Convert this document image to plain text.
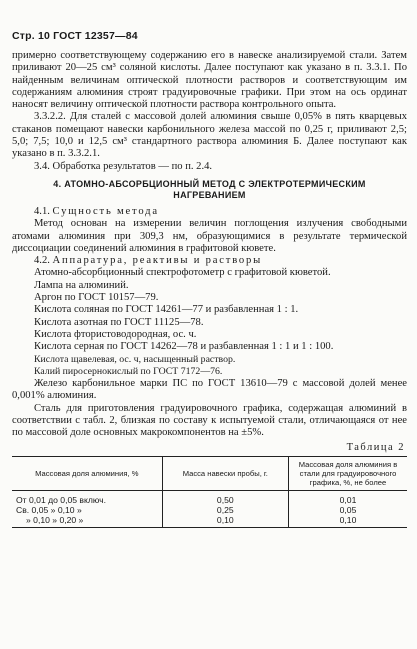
Стр. 10 ГОСТ 12357—84

примерно соответствующему содержанию его в навеске анализируемой стали. Затем приливают 20—25 см³ соляной кислоты. Далее поступают как указано в п. 3.3.1. По найденным величинам оптической плотности растворов и соответствующим им содержаниям алюминия строят градуировочные графики. При этом на ось ординат наносят величину оптической плотности раствора контрольного опыта.

3.3.2.2. Для сталей с массовой долей алюминия свыше 0,05% в пять кварцевых стаканов помещают навески карбонильного железа массой по 0,25 г, приливают 2,5; 5,0; 7,5; 10,0 и 12,5 см³ стандартного раствора алюминия Б. Далее поступают как указано в п. 3.3.2.1.

3.4. Обработка результатов — по п. 2.4.

4. АТОМНО-АБСОРБЦИОННЫЙ МЕТОД С ЭЛЕКТРОТЕРМИЧЕСКИМ
НАГРЕВАНИЕМ

4.1. Сущность метода

Метод основан на измерении величин поглощения излучения свободными атомами алюминия при 309,3 нм, образующимися в результате термической диссоциации соединений алюминия в графитовой кювете.

4.2. Аппаратура, реактивы и растворы

Атомно-абсорбционный спектрофотометр с графитовой кюветой.

Лампа на алюминий.

Аргон по ГОСТ 10157—79.

Кислота соляная по ГОСТ 14261—77 и разбавленная 1 : 1.

Кислота азотная по ГОСТ 11125—78.

Кислота фтористоводородная, ос. ч.

Кислота серная по ГОСТ 14262—78 и разбавленная 1 : 1 и 1 : 100.

Кислота щавелевая, ос. ч, насыщенный раствор.

Калий пиросернокислый по ГОСТ 7172—76.

Железо карбонильное марки ПС по ГОСТ 13610—79 с массовой долей менее 0,001% алюминия.

Сталь для приготовления градуировочного графика, содержащая алюминий в соответствии с табл. 2, близкая по составу к испытуемой стали, отличающаяся от нее по массовой доле основных макрокомпонентов на ±5%.

Таблица 2
Массовая доля алюминия, %	Масса навески пробы, г.	Массовая доля алюминия в стали для градуировочного графика, %, не более
От 0,01 до 0,05 включ.	0,50	0,01
Св. 0,05 » 0,10 »	0,25	0,05
» 0,10 » 0,20 »	0,10	0,10
